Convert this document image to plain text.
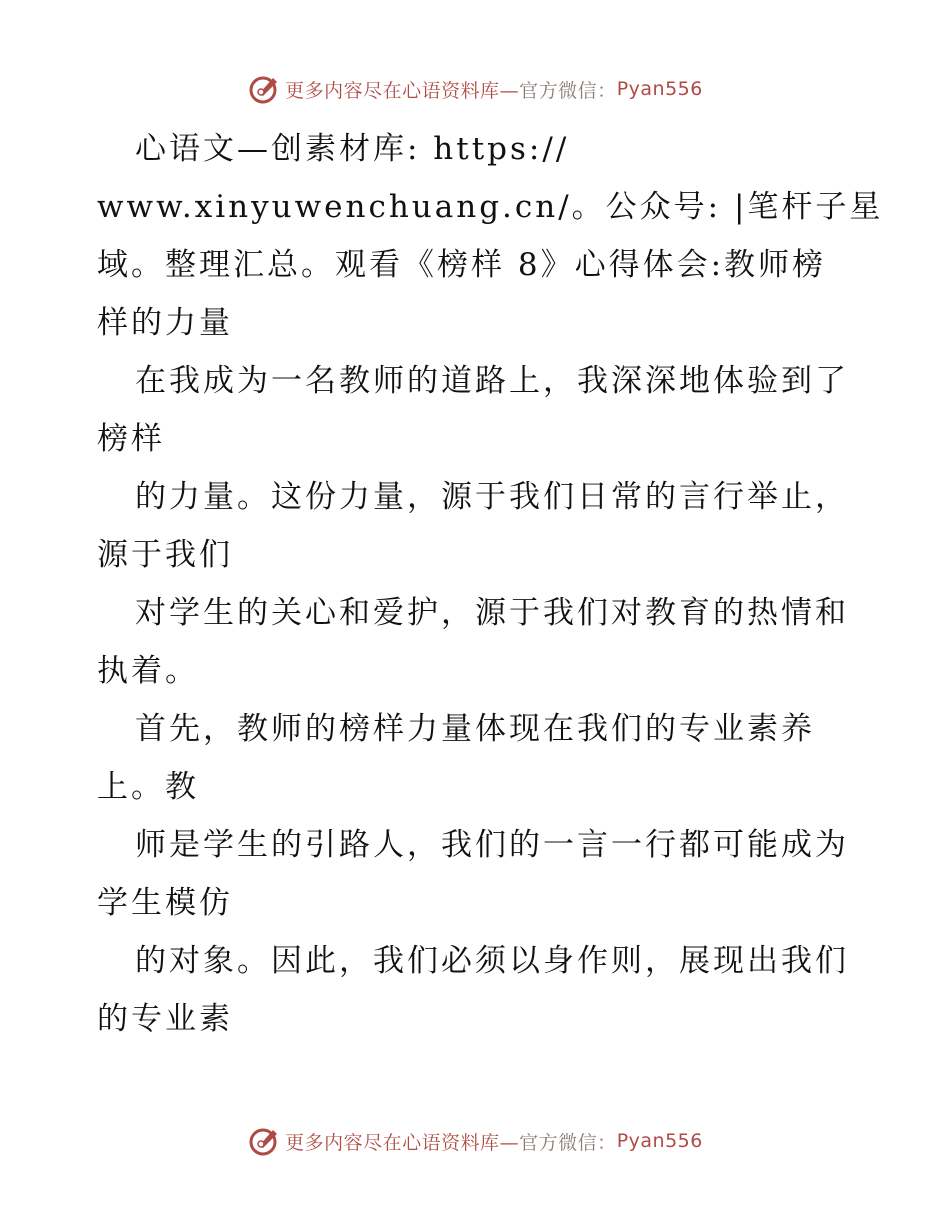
更多内容尽在心语资料库— 官方微信： Pyan556
心语文—创素材库: https://
www.xinyuwenchuang.cn/。公众号: |笔杆子星
域。整理汇总。观看《榜样 8》心得体会:教师榜
样的力量
在我成为一名教师的道路上，我深深地体验到了
榜样
的力量。这份力量，源于我们日常的言行举止，
源于我们
对学生的关心和爱护，源于我们对教育的热情和
执着。
首先，教师的榜样力量体现在我们的专业素养
上。教
师是学生的引路人，我们的一言一行都可能成为
学生模仿
的对象。因此，我们必须以身作则，展现出我们
的专业素
更多内容尽在心语资料库— 官方微信： Pyan556
